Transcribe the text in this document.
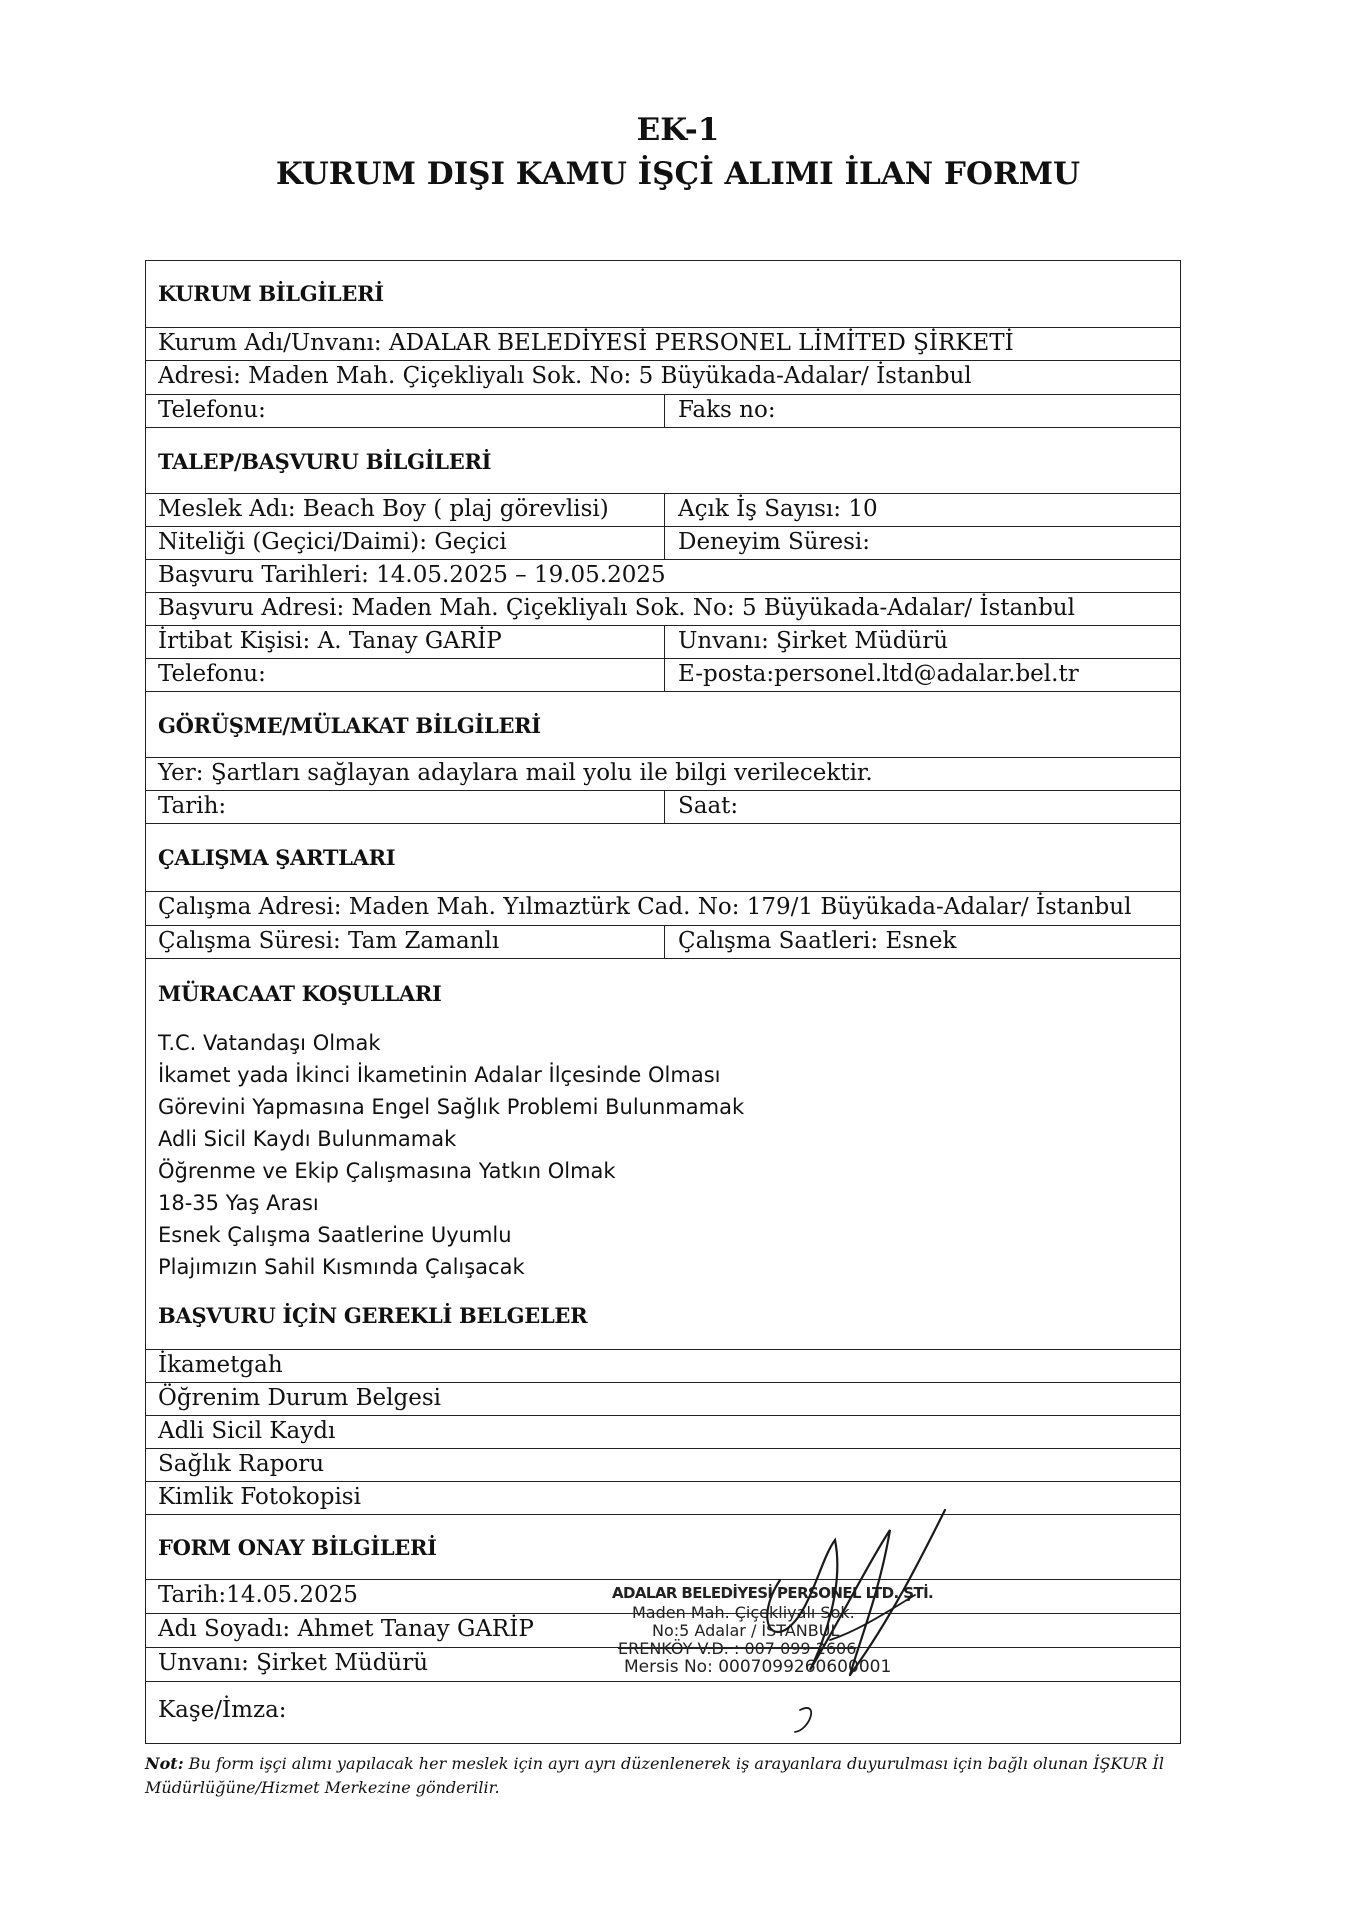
EK-1
KURUM DIŞI KAMU İŞÇİ ALIMI İLAN FORMU
KURUM BİLGİLERİ
Kurum Adı/Unvanı: ADALAR BELEDİYESİ PERSONEL LİMİTED ŞİRKETİ
Adresi: Maden Mah. Çiçekliyalı Sok. No: 5 Büyükada-Adalar/ İstanbul
Telefonu:	Faks no:
TALEP/BAŞVURU BİLGİLERİ
Meslek Adı: Beach Boy ( plaj görevlisi)	Açık İş Sayısı: 10
Niteliği (Geçici/Daimi): Geçici	Deneyim Süresi:
Başvuru Tarihleri: 14.05.2025 – 19.05.2025
Başvuru Adresi: Maden Mah. Çiçekliyalı Sok. No: 5 Büyükada-Adalar/ İstanbul
İrtibat Kişisi: A. Tanay GARİP	Unvanı: Şirket Müdürü
Telefonu:	E-posta:personel.ltd@adalar.bel.tr
GÖRÜŞME/MÜLAKAT BİLGİLERİ
Yer: Şartları sağlayan adaylara mail yolu ile bilgi verilecektir.
Tarih:	Saat:
ÇALIŞMA ŞARTLARI
Çalışma Adresi: Maden Mah. Yılmaztürk Cad. No: 179/1 Büyükada-Adalar/ İstanbul
Çalışma Süresi: Tam Zamanlı	Çalışma Saatleri: Esnek
MÜRACAAT KOŞULLARI
T.C. Vatandaşı Olmak
İkamet yada İkinci İkametinin Adalar İlçesinde Olması
Görevini Yapmasına Engel Sağlık Problemi Bulunmamak
Adli Sicil Kaydı Bulunmamak
Öğrenme ve Ekip Çalışmasına Yatkın Olmak
18-35 Yaş Arası
Esnek Çalışma Saatlerine Uyumlu
Plajımızın Sahil Kısmında Çalışacak
BAŞVURU İÇİN GEREKLİ BELGELER
İkametgah
Öğrenim Durum Belgesi
Adli Sicil Kaydı
Sağlık Raporu
Kimlik Fotokopisi
FORM ONAY BİLGİLERİ
Tarih:14.05.2025
Adı Soyadı: Ahmet Tanay GARİP
Unvanı: Şirket Müdürü
Kaşe/İmza:
ADALAR BELEDİYESİ PERSONEL LTD. ŞTİ.
Maden Mah. Çiçekliyalı Sok.
No:5 Adalar / İSTANBUL
ERENKÖY V.D. : 007 099 2606
Mersis No: 0007099260600001
Not: Bu form işçi alımı yapılacak her meslek için ayrı ayrı düzenlenerek iş arayanlara duyurulması için bağlı olunan İŞKUR İl Müdürlüğüne/Hizmet Merkezine gönderilir.
